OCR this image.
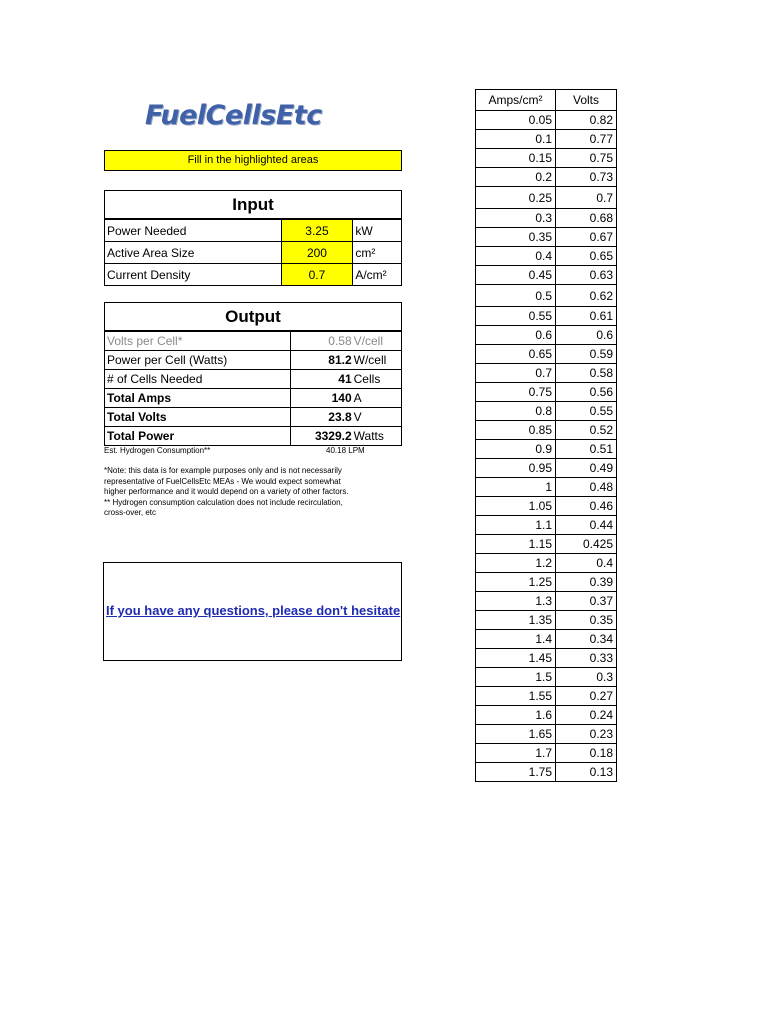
FuelCellsEtc
Fill in the highlighted areas
Input		
Power Needed	3.25	kW
Active Area Size	200	cm²
Current Density	0.7	A/cm²
Output		
Volts per Cell*	0.58	V/cell
Power per Cell (Watts)	81.2	W/cell
# of Cells Needed	41	Cells
Total Amps	140	A
Total Volts	23.8	V
Total Power	3329.2	Watts
Est. Hydrogen Consumption**	40.18 LPM
*Note: this data is for example purposes only and is not necessarily
representative of FuelCellsEtc MEAs - We would expect somewhat
higher performance and it would depend on a variety of other factors.
** Hydrogen consumption calculation does not include recirculation,
cross-over, etc
If you have any questions, please don't hesitate
Amps/cm²	Volts
0.05	0.82
0.1	0.77
0.15	0.75
0.2	0.73
0.25	0.7
0.3	0.68
0.35	0.67
0.4	0.65
0.45	0.63
0.5	0.62
0.55	0.61
0.6	0.6
0.65	0.59
0.7	0.58
0.75	0.56
0.8	0.55
0.85	0.52
0.9	0.51
0.95	0.49
1	0.48
1.05	0.46
1.1	0.44
1.15	0.425
1.2	0.4
1.25	0.39
1.3	0.37
1.35	0.35
1.4	0.34
1.45	0.33
1.5	0.3
1.55	0.27
1.6	0.24
1.65	0.23
1.7	0.18
1.75	0.13
